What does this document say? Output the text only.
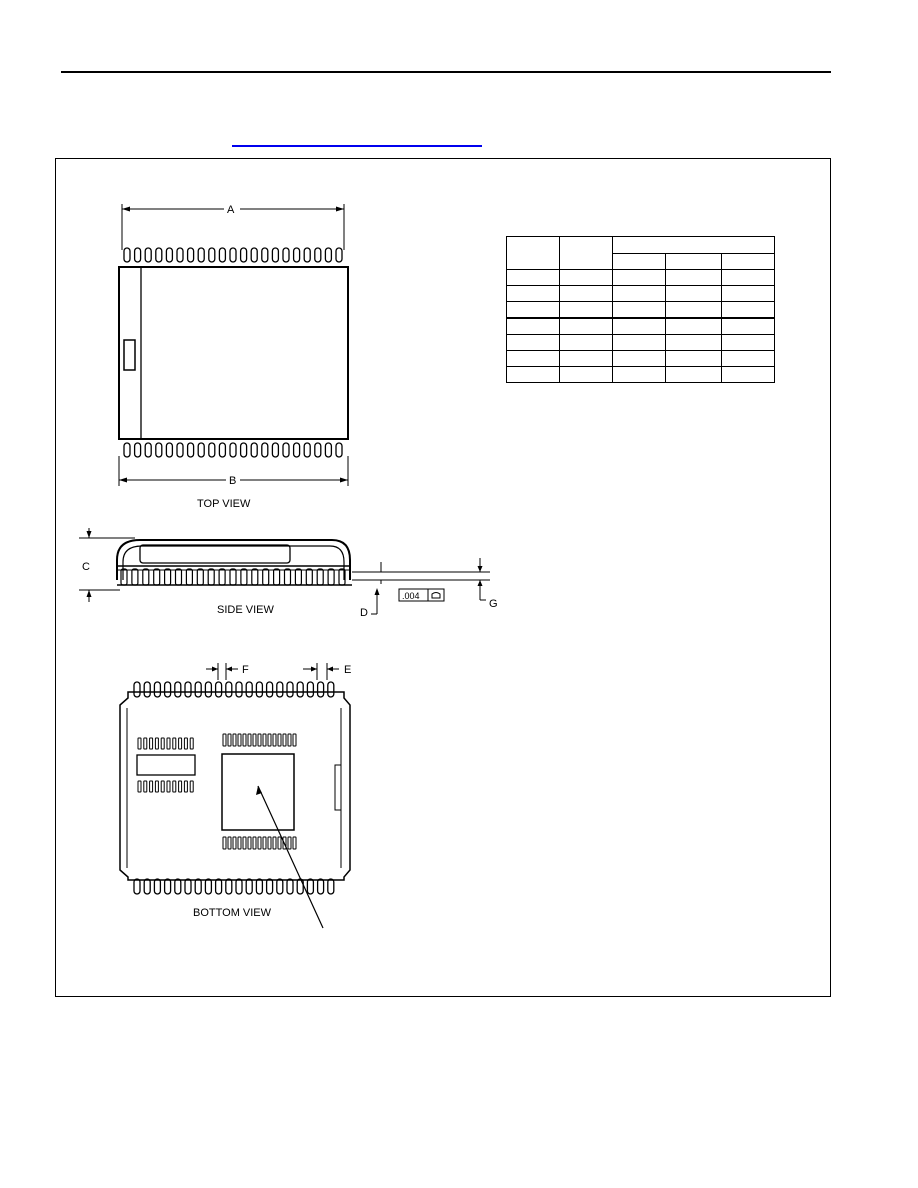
A
B
TOP VIEW
C
G
D
.004
SIDE VIEW
F	E
BOTTOM VIEW
